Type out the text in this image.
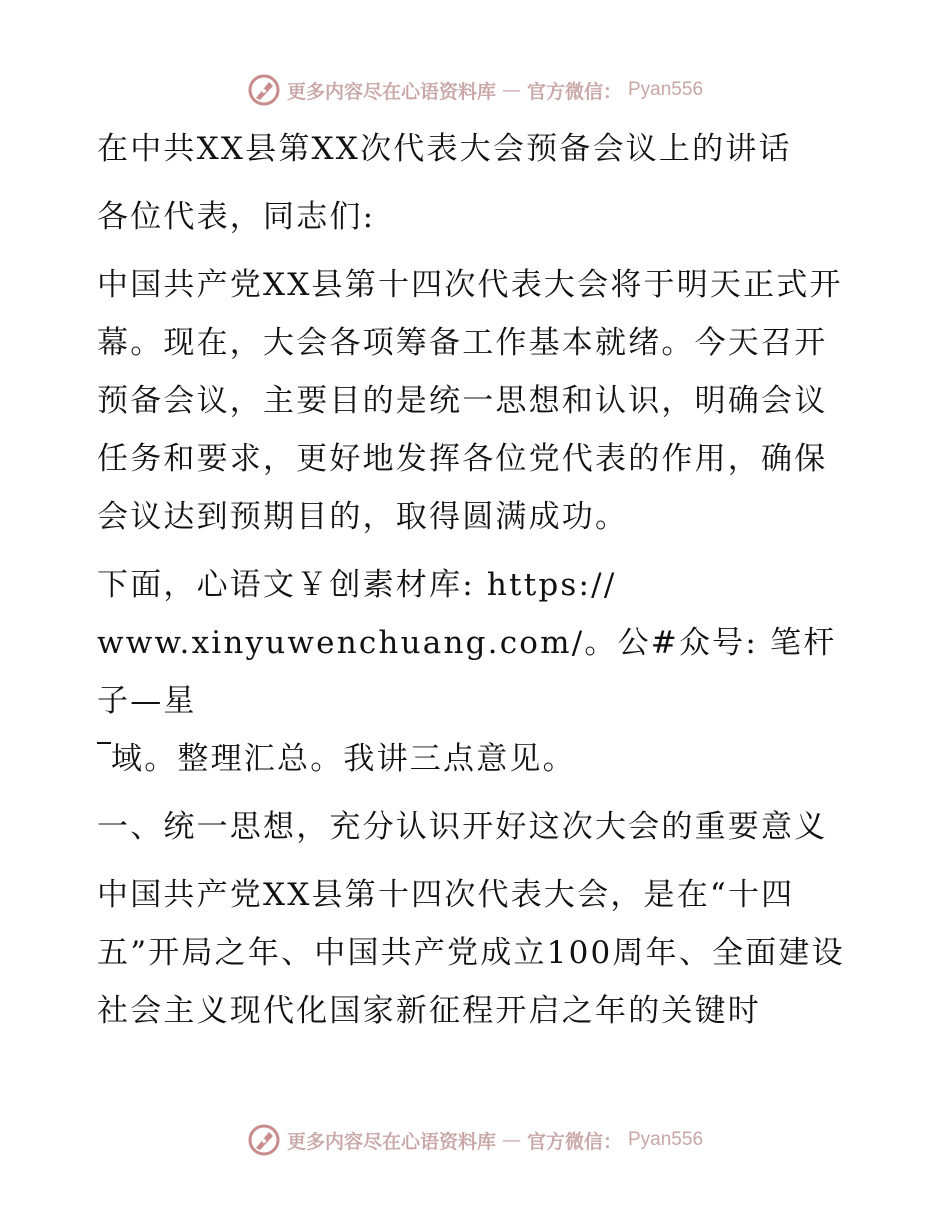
更多内容尽在心语资料库 — 官方微信： Pyan556

在中共XX县第XX次代表大会预备会议上的讲话

各位代表，同志们:

中国共产党XX县第十四次代表大会将于明天正式开幕。现在，大会各项筹备工作基本就绪。今天召开预备会议，主要目的是统一思想和认识，明确会议任务和要求，更好地发挥各位党代表的作用，确保会议达到预期目的，取得圆满成功。

下面，心语文￥创素材库: https://

www.xinyuwenchuang.com/。公#众号: 笔杆子—星

域。整理汇总。我讲三点意见。

一、统一思想，充分认识开好这次大会的重要意义

中国共产党XX县第十四次代表大会，是在“十四五”开局之年、中国共产党成立100周年、全面建设社会主义现代化国家新征程开启之年的关键时

更多内容尽在心语资料库 — 官方微信： Pyan556
